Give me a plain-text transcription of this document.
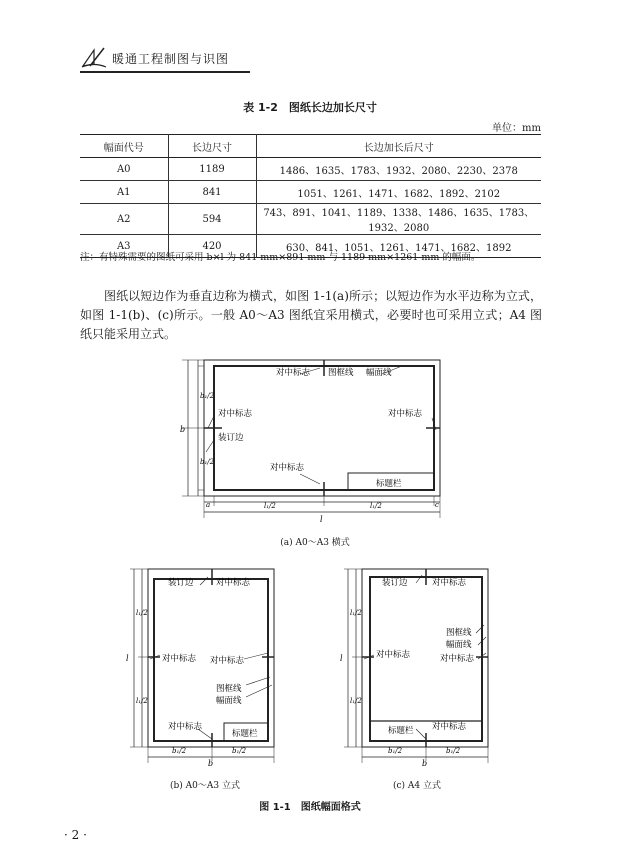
暖通工程制图与识图
表 1-2　图纸长边加长尺寸
单位：mm
幅面代号	长边尺寸	长边加长后尺寸
A0	1189	1486、1635、1783、1932、2080、2230、2378
A1	841	1051、1261、1471、1682、1892、2102
A2	594	743、891、1041、1189、1338、1486、1635、1783、1932、2080
A3	420	630、841、1051、1261、1471、1682、1892
注：有特殊需要的图纸可采用 b×l 为 841 mm×891 mm 与 1189 mm×1261 mm 的幅面。

图纸以短边作为垂直边称为横式，如图 1-1(a)所示；以短边作为水平边称为立式，如图 1-1(b)、(c)所示。一般 A0～A3 图纸宜采用横式，必要时也可采用立式；A4 图纸只能采用立式。

对中标志 图框线 幅面线
对中标志	对中标志
装订边
对中标志
标题栏
b
b₁/2
b₁/2
l₁/2	l₁/2
l
a	c
(a) A0～A3 横式
装订边	对中标志
对中标志 对中标志
图框线
幅面线
对中标志
标题栏
l
l₁/2
l₁/2
b₁/2	b₁/2
b
(b) A0～A3 立式
装订边	对中标志
对中标志
图框线
幅面线
对中标志
标题栏 对中标志
l
l₁/2
l₁/2
b₁/2	b₁/2
b
(c) A4 立式
图 1-1　图纸幅面格式
· 2 ·
